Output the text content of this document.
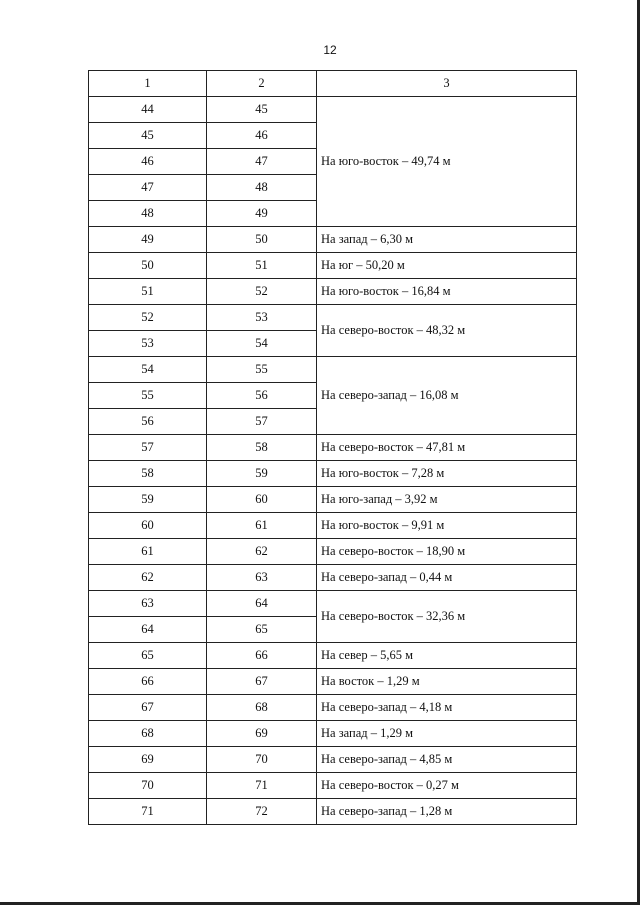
12
1	2	3
44	45	На юго-восток – 49,74 м
45	46	
46	47	
47	48	
48	49	
49	50	На запад – 6,30 м
50	51	На юг – 50,20 м
51	52	На юго-восток – 16,84 м
52	53	На северо-восток – 48,32 м
53	54	
54	55	На северо-запад – 16,08 м
55	56	
56	57	
57	58	На северо-восток – 47,81 м
58	59	На юго-восток – 7,28 м
59	60	На юго-запад – 3,92 м
60	61	На юго-восток – 9,91 м
61	62	На северо-восток – 18,90 м
62	63	На северо-запад – 0,44 м
63	64	На северо-восток – 32,36 м
64	65	
65	66	На север – 5,65 м
66	67	На восток – 1,29 м
67	68	На северо-запад – 4,18 м
68	69	На запад – 1,29 м
69	70	На северо-запад – 4,85 м
70	71	На северо-восток – 0,27 м
71	72	На северо-запад – 1,28 м
